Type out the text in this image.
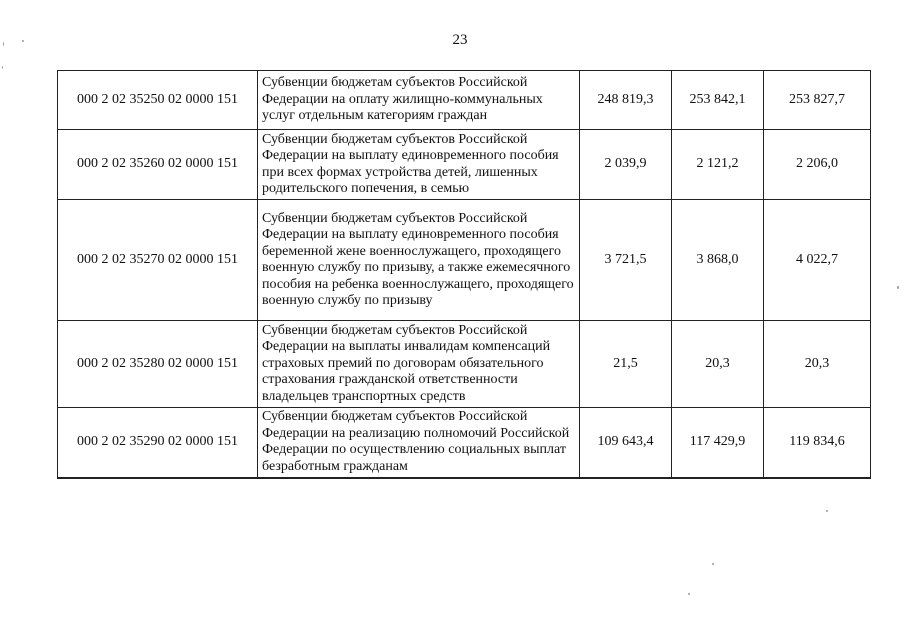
23
000 2 02 35250 02 0000 151	Субвенции бюджетам субъектов Российской Федерации на оплату жилищно-коммунальных услуг отдельным категориям граждан	248 819,3	253 842,1	253 827,7
000 2 02 35260 02 0000 151	Субвенции бюджетам субъектов Российской Федерации на выплату единовременного пособия при всех формах устройства детей, лишенных родительского попечения, в семью	2 039,9	2 121,2	2 206,0
000 2 02 35270 02 0000 151	Субвенции бюджетам субъектов Российской Федерации на выплату единовременного пособия беременной жене военнослужащего, проходящего военную службу по призыву, а также ежемесячного пособия на ребенка военнослужащего, проходящего военную службу по призыву	3 721,5	3 868,0	4 022,7
000 2 02 35280 02 0000 151	Субвенции бюджетам субъектов Российской Федерации на выплаты инвалидам компенсаций страховых премий по договорам обязательного страхования гражданской ответственности владельцев транспортных средств	21,5	20,3	20,3
000 2 02 35290 02 0000 151	Субвенции бюджетам субъектов Российской Федерации на реализацию полномочий Российской Федерации по осуществлению социальных выплат безработным гражданам	109 643,4	117 429,9	119 834,6
